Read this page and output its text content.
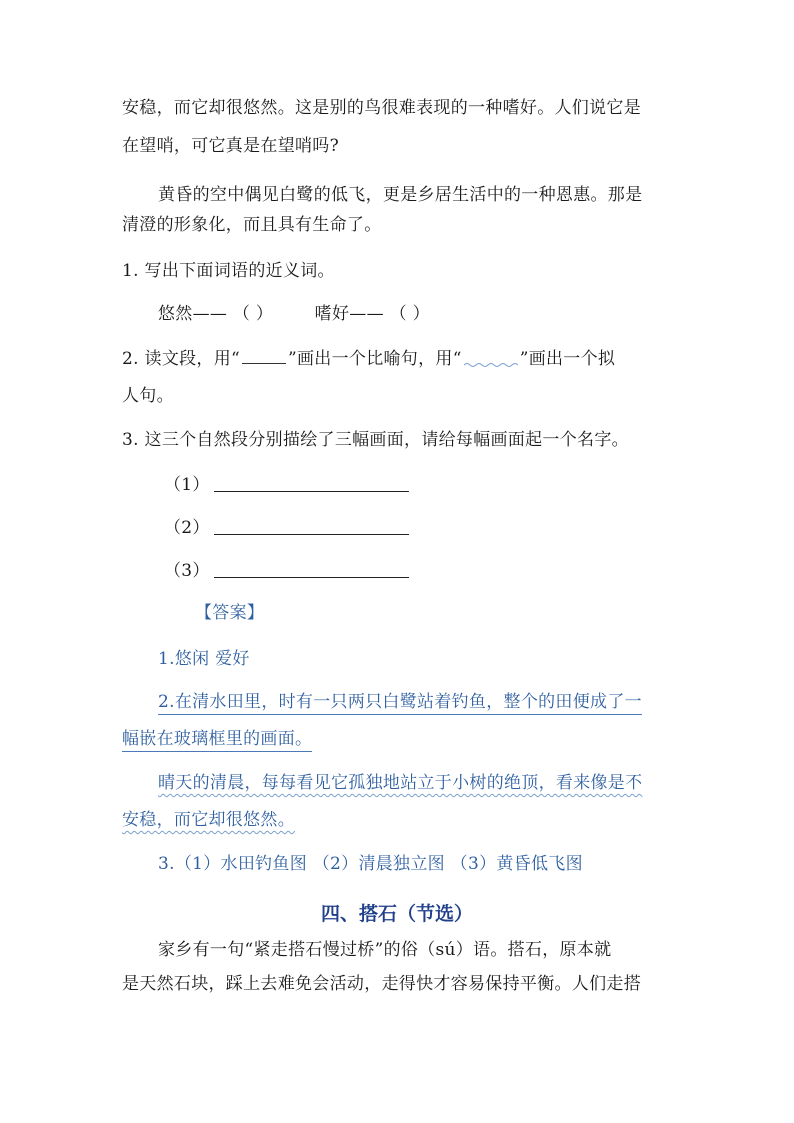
安稳，而它却很悠然。这是别的鸟很难表现的一种嗜好。人们说它是
在望哨，可它真是在望哨吗?
黄昏的空中偶见白鹭的低飞，更是乡居生活中的一种恩惠。那是
清澄的形象化，而且具有生命了。
1. 写出下面词语的近义词。
悠然—— （ ） 嗜好—— （ ）
2. 读文段，用“	”画出一个比喻句，用“	”画出一个拟
人句。
3. 这三个自然段分别描绘了三幅画面，请给每幅画面起一个名字。
（1）
（2）
（3）
【答案】
1.悠闲 爱好
2.在清水田里，时有一只两只白鹭站着钓鱼，整个的田便成了一
幅嵌在玻璃框里的画面。
晴天的清晨，每每看见它孤独地站立于小树的绝顶，看来像是不
安稳，而它却很悠然。
3.（1）水田钓鱼图 （2）清晨独立图 （3）黄昏低飞图
四、搭石（节选）
家乡有一句“紧走搭石慢过桥”的俗（sú）语。搭石，原本就
是天然石块，踩上去难免会活动，走得快才容易保持平衡。人们走搭
